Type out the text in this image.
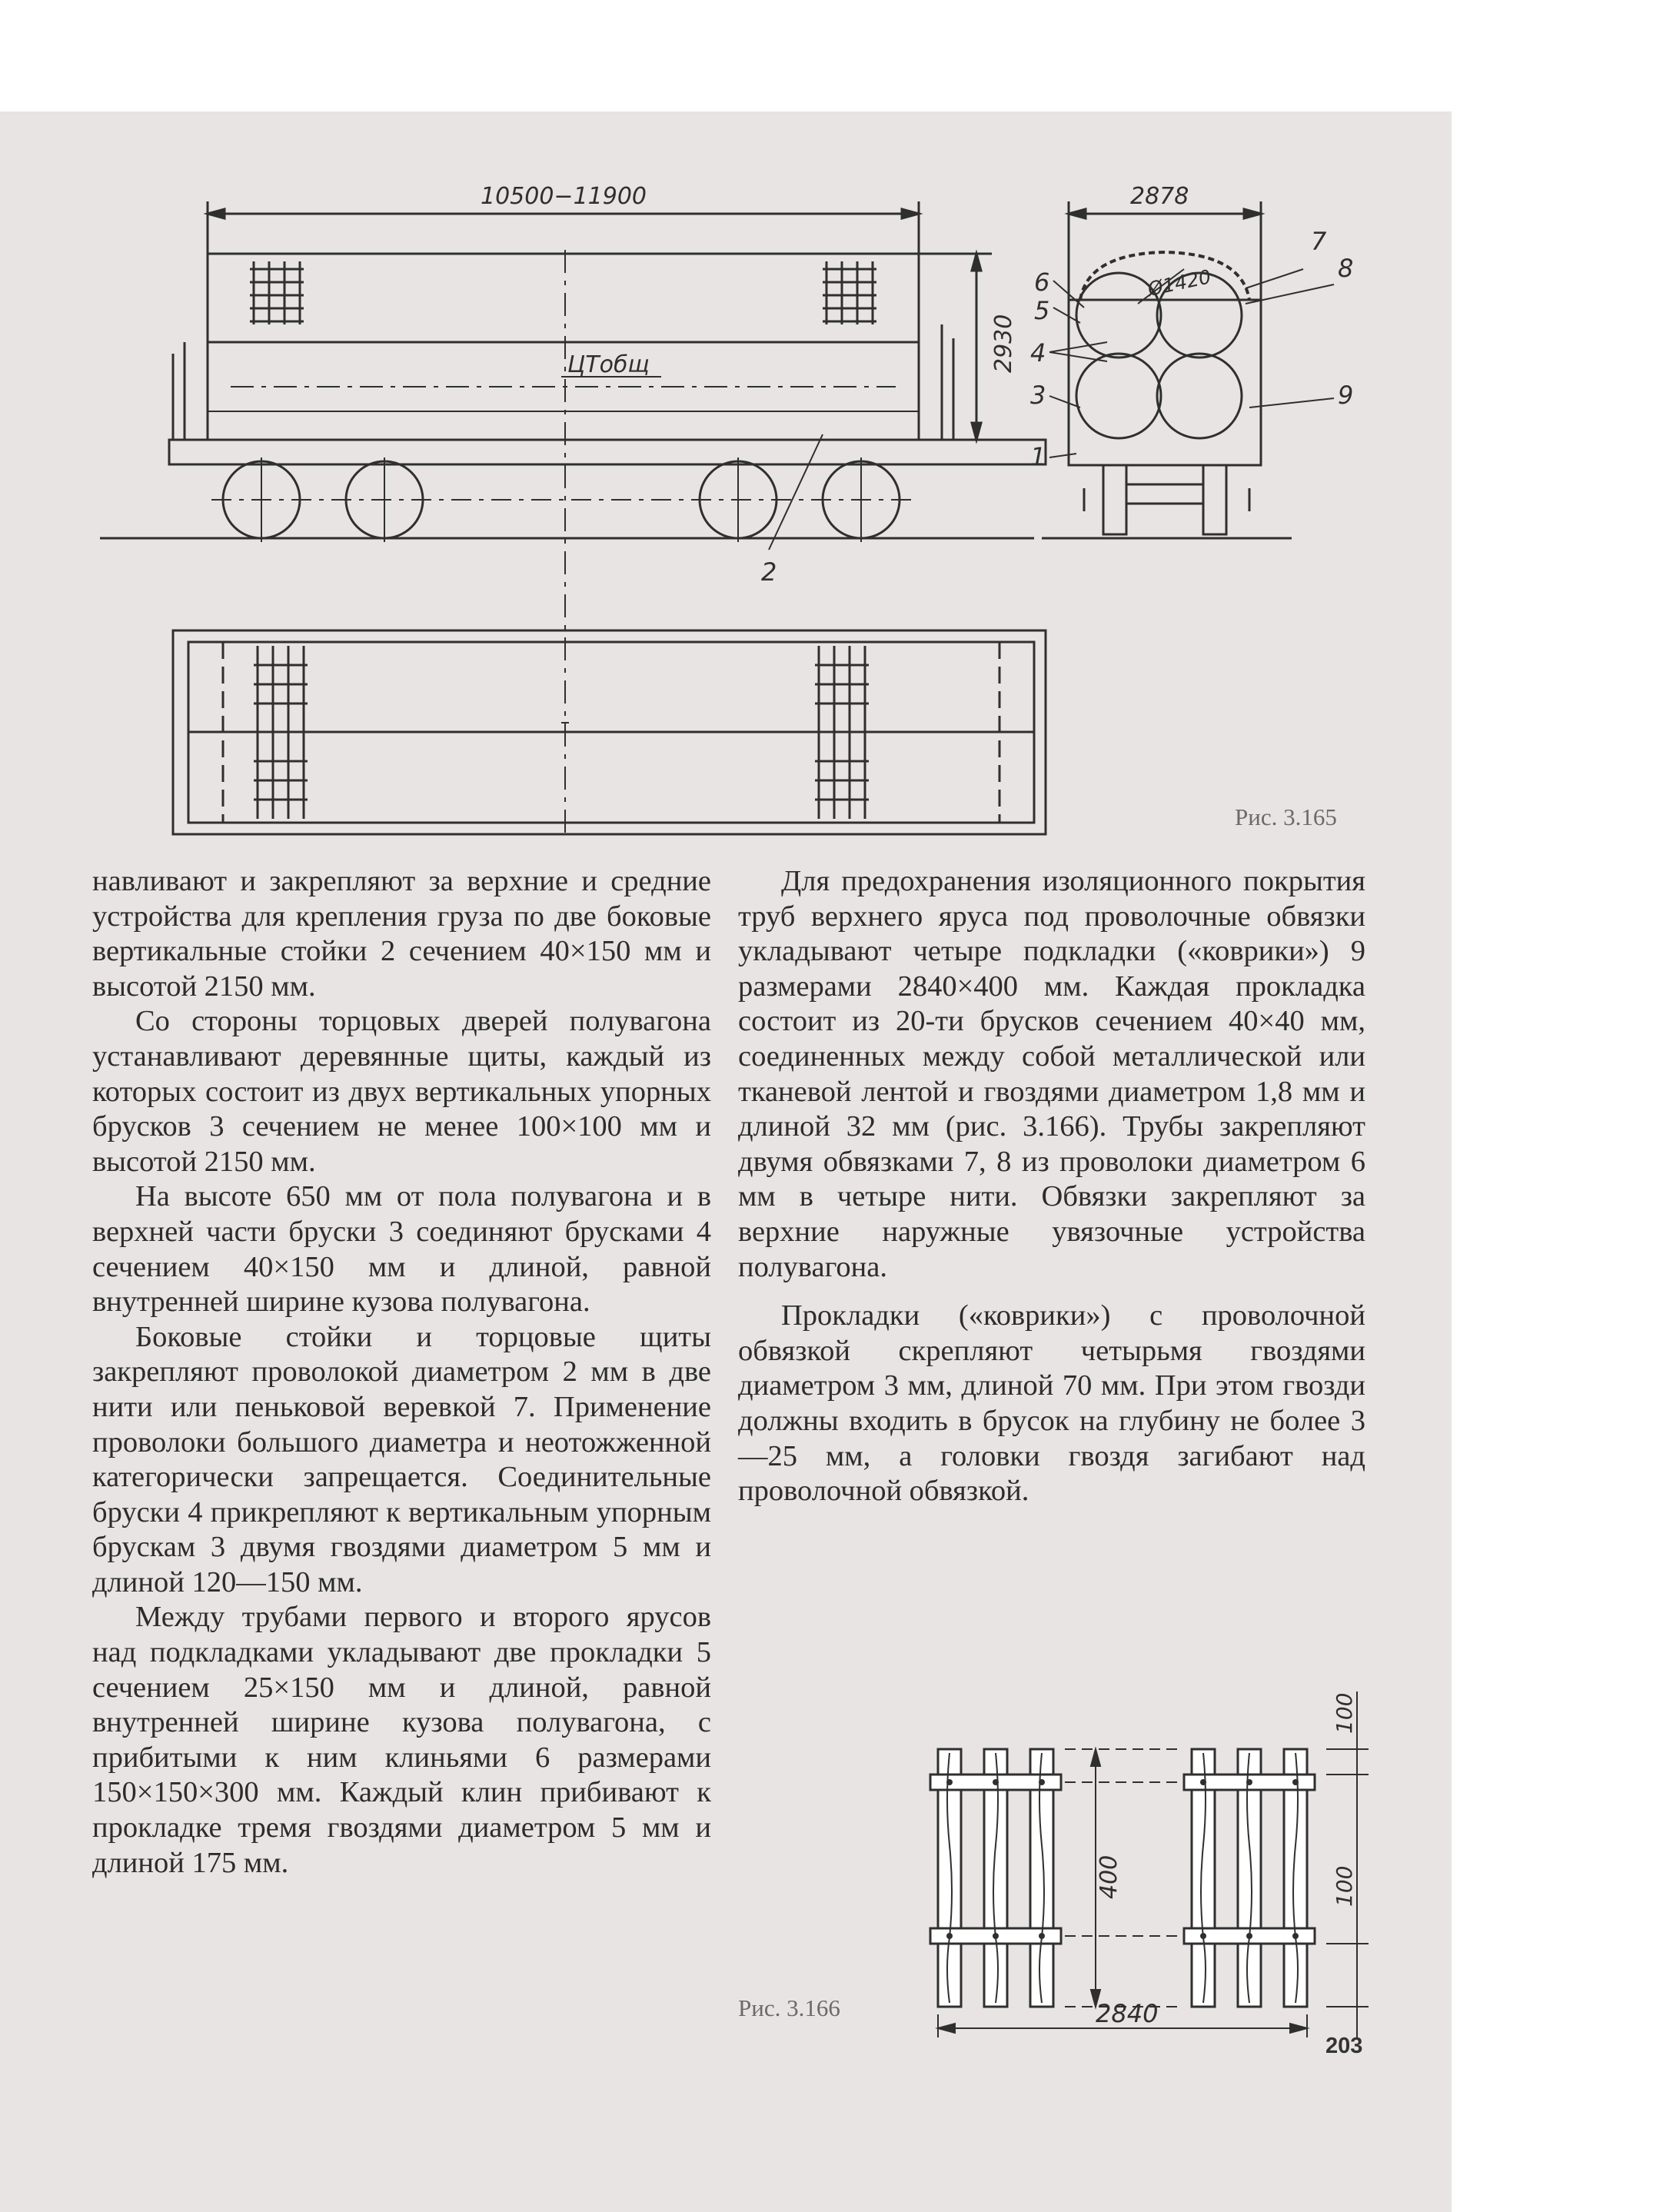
10500−11900	2878
2930
Ø1420
ЦТобщ
2
6
5
4
3
1
7
8
9
Рис. 3.165

навливают и закрепляют за верхние и средние устройства для крепления груза по две боковые вертикальные стойки 2 сечением 40×150 мм и высотой 2150 мм.

Со стороны торцовых дверей полувагона устанавливают деревянные щиты, каждый из которых состоит из двух вертикальных упорных брусков 3 сечением не менее 100×100 мм и высотой 2150 мм.

На высоте 650 мм от пола полувагона и в верхней части бруски 3 соединяют брусками 4 сечением 40×150 мм и длиной, равной внутренней ширине кузова полувагона.

Боковые стойки и торцовые щиты закрепляют проволокой диаметром 2 мм в две нити или пеньковой веревкой 7. Применение проволоки большого диаметра и неотожженной категорически запрещается. Соединительные бруски 4 прикрепляют к вертикальным упорным брускам 3 двумя гвоздями диаметром 5 мм и длиной 120—150 мм.

Между трубами первого и второго ярусов над подкладками укладывают две прокладки 5 сечением 25×150 мм и длиной, равной внутренней ширине кузова полувагона, с прибитыми к ним клиньями 6 размерами 150×150×300 мм. Каждый клин прибивают к прокладке тремя гвоздями диаметром 5 мм и длиной 175 мм.

Для предохранения изоляционного покрытия труб верхнего яруса под проволочные обвязки укладывают четыре подкладки («коврики») 9 размерами 2840×400 мм. Каждая прокладка состоит из 20-ти брусков сечением 40×40 мм, соединенных между собой металлической или тканевой лентой и гвоздями диаметром 1,8 мм и длиной 32 мм (рис. 3.166). Трубы закрепляют двумя обвязками 7, 8 из проволоки диаметром 6 мм в четыре нити. Обвязки закрепляют за верхние наружные увязочные устройства полувагона.

Прокладки («коврики») с проволочной обвязкой скрепляют четырьмя гвоздями диаметром 3 мм, длиной 70 мм. При этом гвозди должны входить в брусок на глубину не более 3—25 мм, а головки гвоздя загибают над проволочной обвязкой.

400
100
100
2840
Рис. 3.166
203
